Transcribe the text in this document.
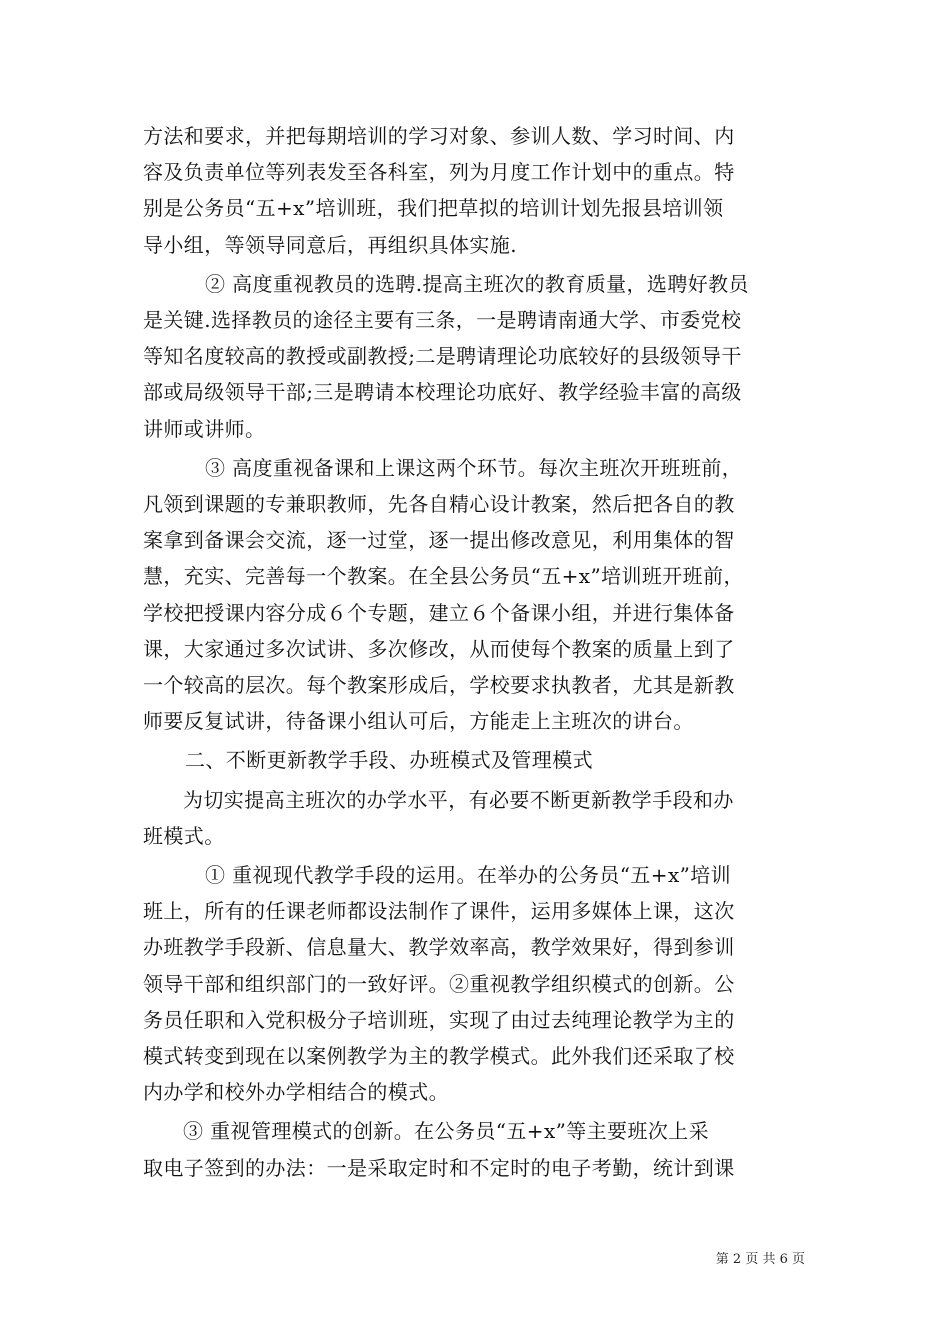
方法和要求，并把每期培训的学习对象、参训人数、学习时间、内
容及负责单位等列表发至各科室，列为月度工作计划中的重点。特
别是公务员“五+x”培训班，我们把草拟的培训计划先报县培训领
导小组，等领导同意后，再组织具体实施.

② 高度重视教员的选聘.提高主班次的教育质量，选聘好教员
是关键.选择教员的途径主要有三条，一是聘请南通大学、市委党校
等知名度较高的教授或副教授;二是聘请理论功底较好的县级领导干
部或局级领导干部;三是聘请本校理论功底好、教学经验丰富的高级
讲师或讲师。

③ 高度重视备课和上课这两个环节。每次主班次开班班前，
凡领到课题的专兼职教师，先各自精心设计教案，然后把各自的教
案拿到备课会交流，逐一过堂，逐一提出修改意见，利用集体的智
慧，充实、完善每一个教案。在全县公务员“五+x”培训班开班前，
学校把授课内容分成６个专题，建立６个备课小组，并进行集体备
课，大家通过多次试讲、多次修改，从而使每个教案的质量上到了
一个较高的层次。每个教案形成后，学校要求执教者，尤其是新教
师要反复试讲，待备课小组认可后，方能走上主班次的讲台。

二、不断更新教学手段、办班模式及管理模式

为切实提高主班次的办学水平，有必要不断更新教学手段和办
班模式。

① 重视现代教学手段的运用。在举办的公务员“五+x”培训
班上，所有的任课老师都设法制作了课件，运用多媒体上课，这次
办班教学手段新、信息量大、教学效率高，教学效果好，得到参训
领导干部和组织部门的一致好评。②重视教学组织模式的创新。公
务员任职和入党积极分子培训班，实现了由过去纯理论教学为主的
模式转变到现在以案例教学为主的教学模式。此外我们还采取了校
内办学和校外办学相结合的模式。

③ 重视管理模式的创新。在公务员“五+x”等主要班次上采
取电子签到的办法：一是采取定时和不定时的电子考勤，统计到课

第 2 页 共 6 页
